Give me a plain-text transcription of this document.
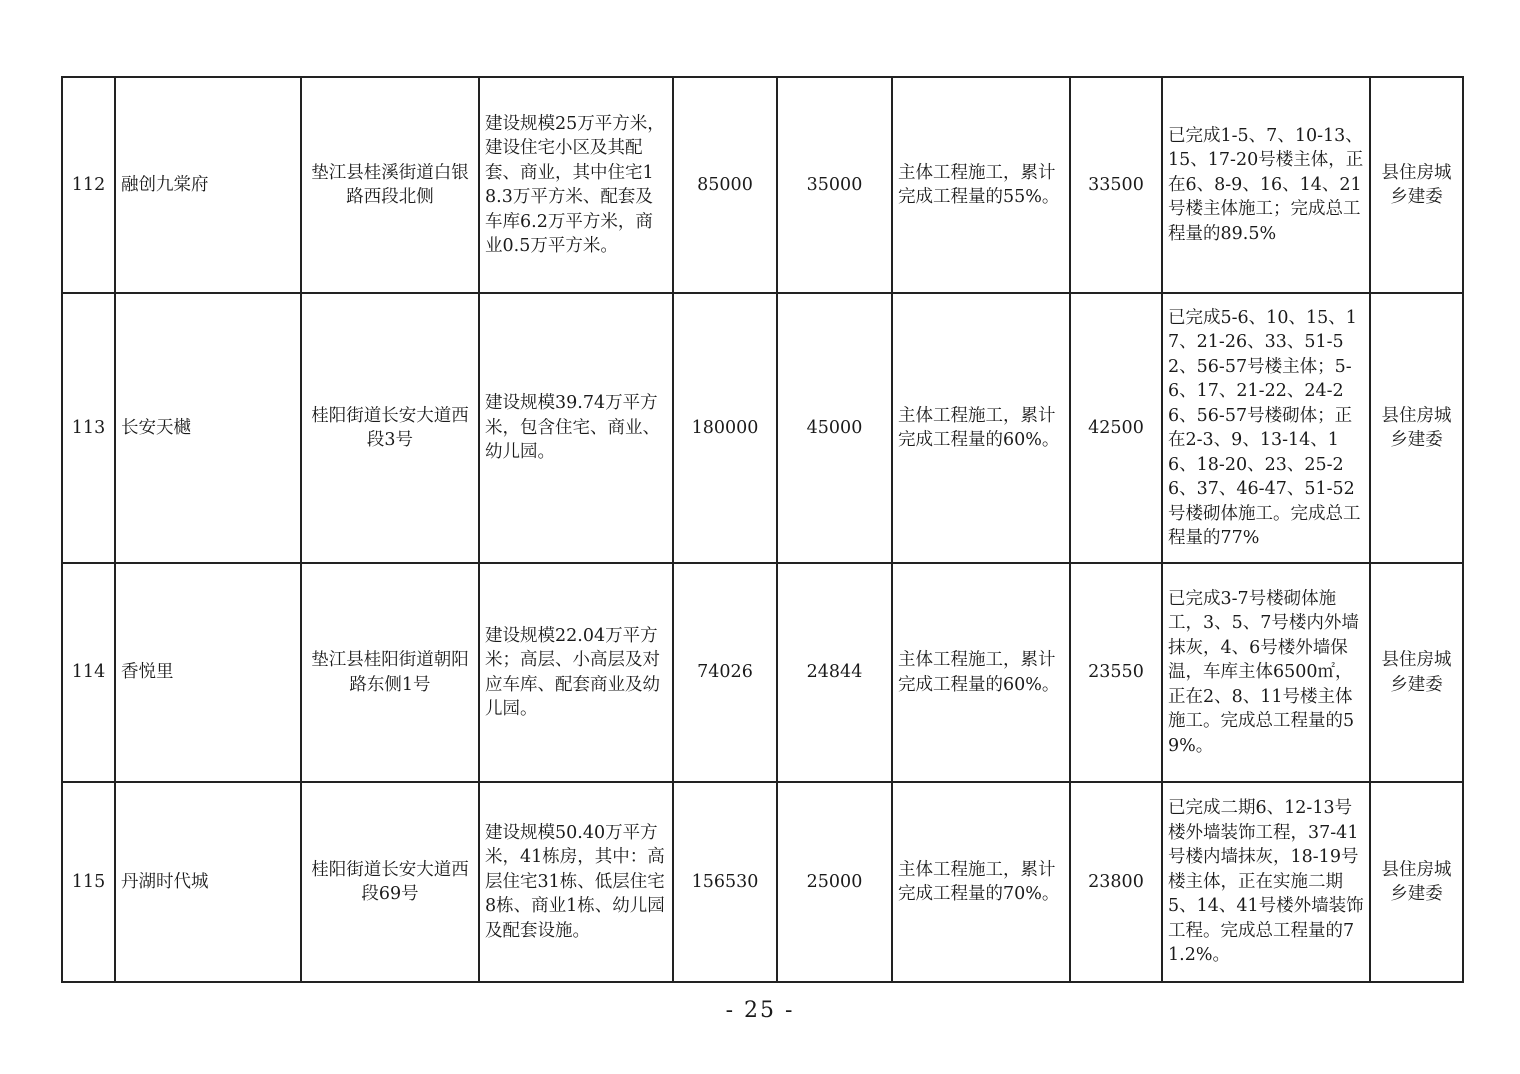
112	融创九棠府	垫江县桂溪街道白银路西段北侧	建设规模25万平方米，建设住宅小区及其配套、商业，其中住宅18.3万平方米、配套及车库6.2万平方米，商业0.5万平方米。	85000	35000	主体工程施工，累计完成工程量的55%。	33500	已完成1-5、7、10-13、15、17-20号楼主体，正在6、8-9、16、14、21号楼主体施工；完成总工程量的89.5%	县住房城乡建委
113	长安天樾	桂阳街道长安大道西段3号	建设规模39.74万平方米，包含住宅、商业、幼儿园。	180000	45000	主体工程施工，累计完成工程量的60%。	42500	已完成5-6、10、15、17、21-26、33、51-52、56-57号楼主体；5-6、17、21-22、24-26、56-57号楼砌体；正在2-3、9、13-14、16、18-20、23、25-26、37、46-47、51-52号楼砌体施工。完成总工程量的77%	县住房城乡建委
114	香悦里	垫江县桂阳街道朝阳路东侧1号	建设规模22.04万平方米；高层、小高层及对应车库、配套商业及幼儿园。	74026	24844	主体工程施工，累计完成工程量的60%。	23550	已完成3-7号楼砌体施工，3、5、7号楼内外墙抹灰，4、6号楼外墙保温，车库主体6500㎡，正在2、8、11号楼主体施工。完成总工程量的59%。	县住房城乡建委
115	丹湖时代城	桂阳街道长安大道西段69号	建设规模50.40万平方米，41栋房，其中：高层住宅31栋、低层住宅8栋、商业1栋、幼儿园及配套设施。	156530	25000	主体工程施工，累计完成工程量的70%。	23800	已完成二期6、12-13号楼外墙装饰工程，37-41号楼内墙抹灰，18-19号楼主体，正在实施二期5、14、41号楼外墙装饰工程。完成总工程量的71.2%。	县住房城乡建委
- 25 -
